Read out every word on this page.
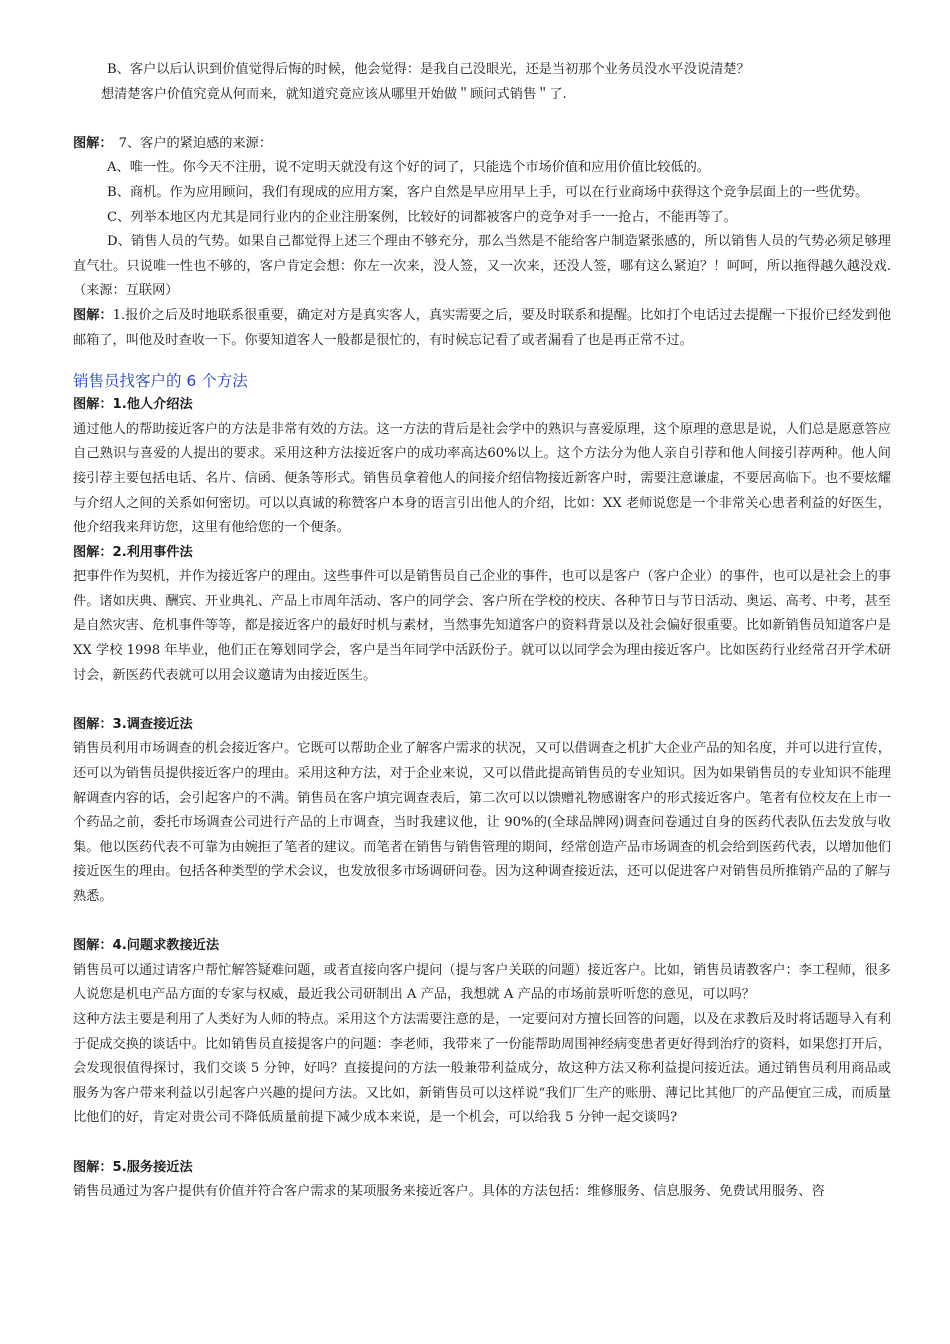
B、客户以后认识到价值觉得后悔的时候，他会觉得：是我自己没眼光，还是当初那个业务员没水平没说清楚？

想清楚客户价值究竟从何而来，就知道究竟应该从哪里开始做＂顾问式销售＂了.

图解： 7、客户的紧迫感的来源：

A、唯一性。你今天不注册，说不定明天就没有这个好的词了，只能选个市场价值和应用价值比较低的。

B、商机。作为应用顾问，我们有现成的应用方案，客户自然是早应用早上手，可以在行业商场中获得这个竞争层面上的一些优势。

C、列举本地区内尤其是同行业内的企业注册案例，比较好的词都被客户的竞争对手一一抢占，不能再等了。

D、销售人员的气势。如果自己都觉得上述三个理由不够充分，那么当然是不能给客户制造紧张感的，所以销售人员的气势必须足够理直气壮。只说唯一性也不够的，客户肯定会想：你左一次来，没人签，又一次来，还没人签，哪有这么紧迫？！呵呵，所以拖得越久越没戏.（来源：互联网）

图解：1.报价之后及时地联系很重要，确定对方是真实客人，真实需要之后，要及时联系和提醒。比如打个电话过去提醒一下报价已经发到他邮箱了，叫他及时查收一下。你要知道客人一般都是很忙的，有时候忘记看了或者漏看了也是再正常不过。

销售员找客户的 6 个方法

图解：1.他人介绍法

通过他人的帮助接近客户的方法是非常有效的方法。这一方法的背后是社会学中的熟识与喜爱原理，这个原理的意思是说，人们总是愿意答应自己熟识与喜爱的人提出的要求。采用这种方法接近客户的成功率高达60%以上。这个方法分为他人亲自引荐和他人间接引荐两种。他人间接引荐主要包括电话、名片、信函、便条等形式。销售员拿着他人的间接介绍信物接近新客户时，需要注意谦虚，不要居高临下。也不要炫耀与介绍人之间的关系如何密切。可以以真诚的称赞客户本身的语言引出他人的介绍，比如：XX 老师说您是一个非常关心患者利益的好医生，他介绍我来拜访您，这里有他给您的一个便条。

图解：2.利用事件法

把事件作为契机，并作为接近客户的理由。这些事件可以是销售员自己企业的事件，也可以是客户（客户企业）的事件，也可以是社会上的事件。诸如庆典、酬宾、开业典礼、产品上市周年活动、客户的同学会、客户所在学校的校庆、各种节日与节日活动、奥运、高考、中考，甚至是自然灾害、危机事件等等，都是接近客户的最好时机与素材，当然事先知道客户的资料背景以及社会偏好很重要。比如新销售员知道客户是 XX 学校 1998 年毕业，他们正在筹划同学会，客户是当年同学中活跃份子。就可以以同学会为理由接近客户。比如医药行业经常召开学术研讨会，新医药代表就可以用会议邀请为由接近医生。

图解：3.调查接近法

销售员利用市场调查的机会接近客户。它既可以帮助企业了解客户需求的状况，又可以借调查之机扩大企业产品的知名度，并可以进行宣传，还可以为销售员提供接近客户的理由。采用这种方法，对于企业来说，又可以借此提高销售员的专业知识。因为如果销售员的专业知识不能理解调查内容的话，会引起客户的不满。销售员在客户填完调查表后，第二次可以以馈赠礼物感谢客户的形式接近客户。笔者有位校友在上市一个药品之前，委托市场调查公司进行产品的上市调查，当时我建议他，让 90%的(全球品牌网)调查问卷通过自身的医药代表队伍去发放与收集。他以医药代表不可靠为由婉拒了笔者的建议。而笔者在销售与销售管理的期间，经常创造产品市场调查的机会给到医药代表，以增加他们接近医生的理由。包括各种类型的学术会议，也发放很多市场调研问卷。因为这种调查接近法，还可以促进客户对销售员所推销产品的了解与熟悉。

图解：4.问题求教接近法

销售员可以通过请客户帮忙解答疑难问题，或者直接向客户提问（提与客户关联的问题）接近客户。比如，销售员请教客户：李工程师，很多人说您是机电产品方面的专家与权威，最近我公司研制出 A 产品，我想就 A 产品的市场前景听听您的意见，可以吗？

这种方法主要是利用了人类好为人师的特点。采用这个方法需要注意的是，一定要问对方擅长回答的问题，以及在求教后及时将话题导入有利于促成交换的谈话中。比如销售员直接提客户的问题：李老师，我带来了一份能帮助周围神经病变患者更好得到治疗的资料，如果您打开后，会发现很值得探讨，我们交谈 5 分钟，好吗？直接提问的方法一般兼带利益成分，故这种方法又称利益提问接近法。通过销售员利用商品或服务为客户带来利益以引起客户兴趣的提问方法。又比如，新销售员可以这样说“我们厂生产的账册、薄记比其他厂的产品便宜三成，而质量比他们的好，肯定对贵公司不降低质量前提下减少成本来说，是一个机会，可以给我 5 分钟一起交谈吗?

图解：5.服务接近法

销售员通过为客户提供有价值并符合客户需求的某项服务来接近客户。具体的方法包括：维修服务、信息服务、免费试用服务、咨
